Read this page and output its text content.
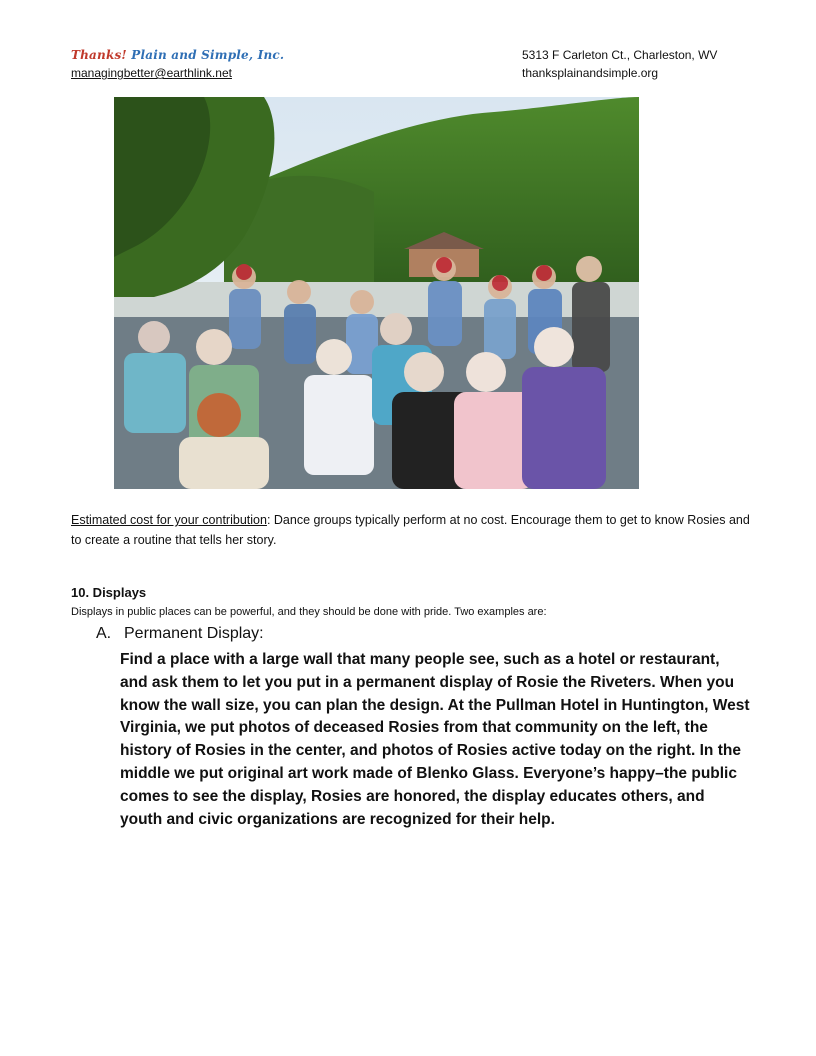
Thanks! Plain and Simple, Inc.
managingbetter@earthlink.net
5313 F Carleton Ct., Charleston, WV
thanksplainandsimple.org
Estimated cost for your contribution: Dance groups typically perform at no cost. Encourage them to get to know Rosies and to create a routine that tells her story.
10. Displays
Displays in public places can be powerful, and they should be done with pride. Two examples are:
A. Permanent Display:
Find a place with a large wall that many people see, such as a hotel or restaurant, and ask them to let you put in a permanent display of Rosie the Riveters. When you know the wall size, you can plan the design. At the Pullman Hotel in Huntington, West Virginia, we put photos of deceased Rosies from that community on the left, the history of Rosies in the center, and photos of Rosies active today on the right. In the middle we put original art work made of Blenko Glass. Everyone’s happy–the public comes to see the display, Rosies are honored, the display educates others, and youth and civic organizations are recognized for their help.
